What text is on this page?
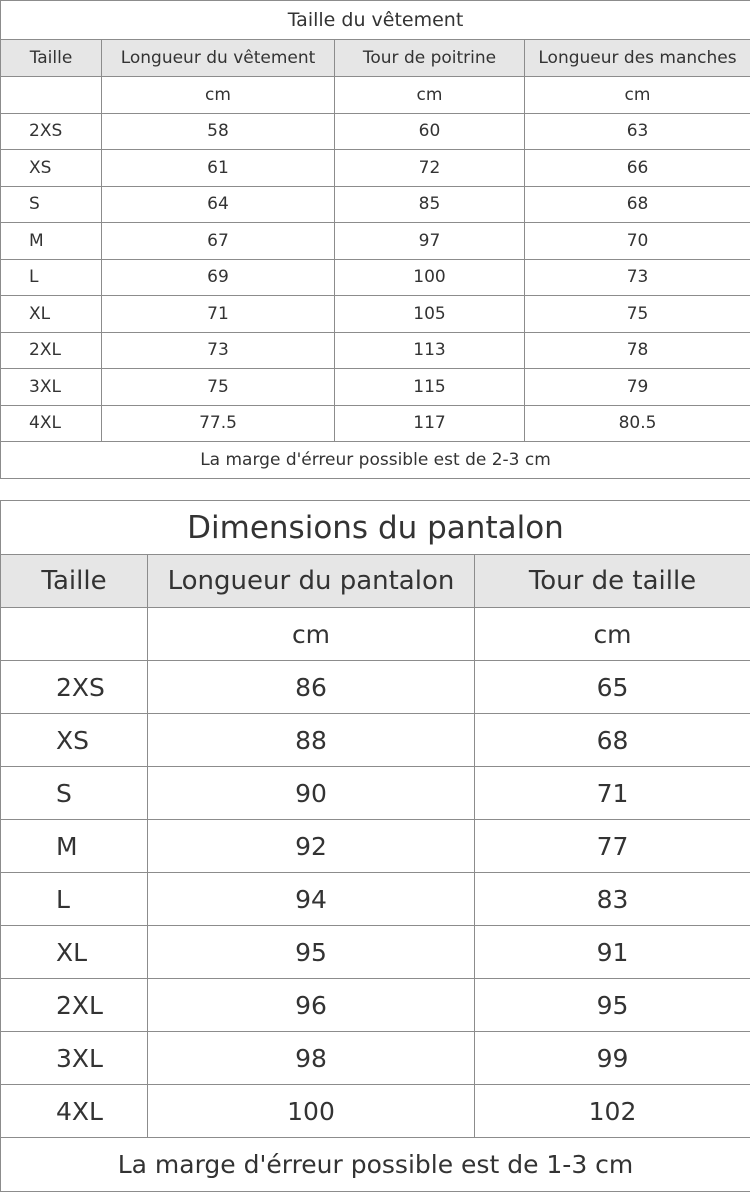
Taille du vêtement			
Taille	Longueur du vêtement	Tour de poitrine	Longueur des manches
	cm	cm	cm
2XS	58	60	63
XS	61	72	66
S	64	85	68
M	67	97	70
L	69	100	73
XL	71	105	75
2XL	73	113	78
3XL	75	115	79
4XL	77.5	117	80.5
La marge d'érreur possible est de 2-3 cm			
Dimensions du pantalon		
Taille	Longueur du pantalon	Tour de taille
	cm	cm
2XS	86	65
XS	88	68
S	90	71
M	92	77
L	94	83
XL	95	91
2XL	96	95
3XL	98	99
4XL	100	102
La marge d'érreur possible est de 1-3 cm		
